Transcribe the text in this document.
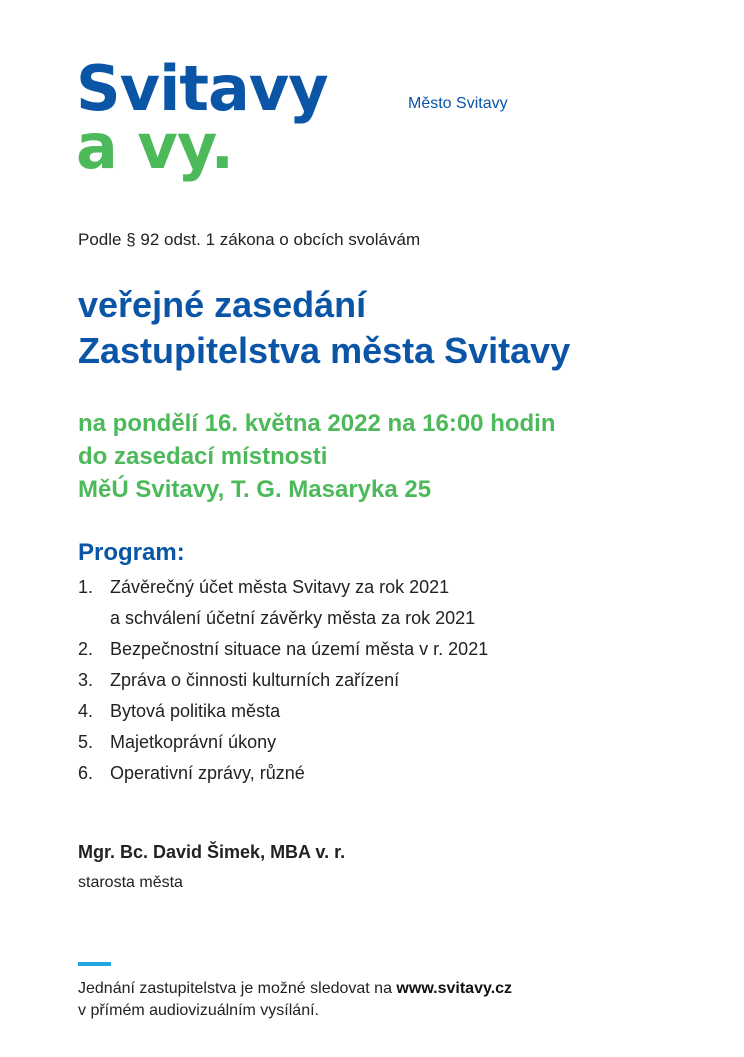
Svitavy
a vy.
Město Svitavy
Podle § 92 odst. 1 zákona o obcích svolávám
veřejné zasedání
Zastupitelstva města Svitavy
na pondělí 16. května 2022 na 16:00 hodin
do zasedací místnosti
MěÚ Svitavy, T. G. Masaryka 25
Program:
1. Závěrečný účet města Svitavy za rok 2021
a schválení účetní závěrky města za rok 2021
2. Bezpečnostní situace na území města v r. 2021
3. Zpráva o činnosti kulturních zařízení
4. Bytová politika města
5. Majetkoprávní úkony
6. Operativní zprávy, různé
Mgr. Bc. David Šimek, MBA v. r.
starosta města
Jednání zastupitelstva je možné sledovat na www.svitavy.cz
v přímém audiovizuálním vysílání.
